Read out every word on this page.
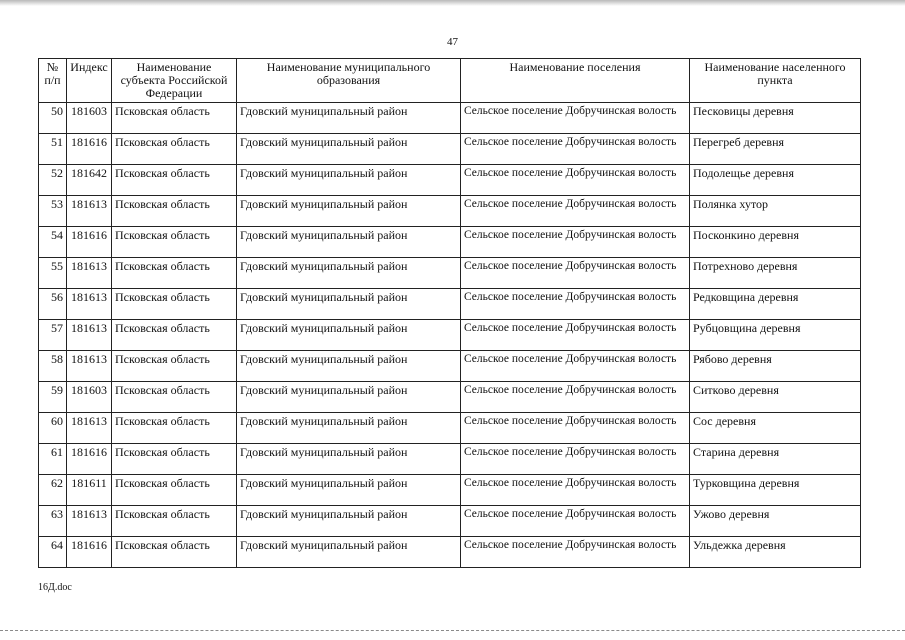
47
№ п/п	Индекс	Наименование субъекта Российской Федерации	Наименование муниципального образования	Наименование поселения	Наименование населенного пункта
50	181603	Псковская область	Гдовский муниципальный район	Сельское поселение Добручинская волость	Песковицы деревня
51	181616	Псковская область	Гдовский муниципальный район	Сельское поселение Добручинская волость	Перегреб деревня
52	181642	Псковская область	Гдовский муниципальный район	Сельское поселение Добручинская волость	Подолещье деревня
53	181613	Псковская область	Гдовский муниципальный район	Сельское поселение Добручинская волость	Полянка хутор
54	181616	Псковская область	Гдовский муниципальный район	Сельское поселение Добручинская волость	Посконкино деревня
55	181613	Псковская область	Гдовский муниципальный район	Сельское поселение Добручинская волость	Потрехново деревня
56	181613	Псковская область	Гдовский муниципальный район	Сельское поселение Добручинская волость	Редковщина деревня
57	181613	Псковская область	Гдовский муниципальный район	Сельское поселение Добручинская волость	Рубцовщина деревня
58	181613	Псковская область	Гдовский муниципальный район	Сельское поселение Добручинская волость	Рябово деревня
59	181603	Псковская область	Гдовский муниципальный район	Сельское поселение Добручинская волость	Ситково деревня
60	181613	Псковская область	Гдовский муниципальный район	Сельское поселение Добручинская волость	Сос деревня
61	181616	Псковская область	Гдовский муниципальный район	Сельское поселение Добручинская волость	Старина деревня
62	181611	Псковская область	Гдовский муниципальный район	Сельское поселение Добручинская волость	Турковщина деревня
63	181613	Псковская область	Гдовский муниципальный район	Сельское поселение Добручинская волость	Ужово деревня
64	181616	Псковская область	Гдовский муниципальный район	Сельское поселение Добручинская волость	Ульдежка деревня
16Д.doc
